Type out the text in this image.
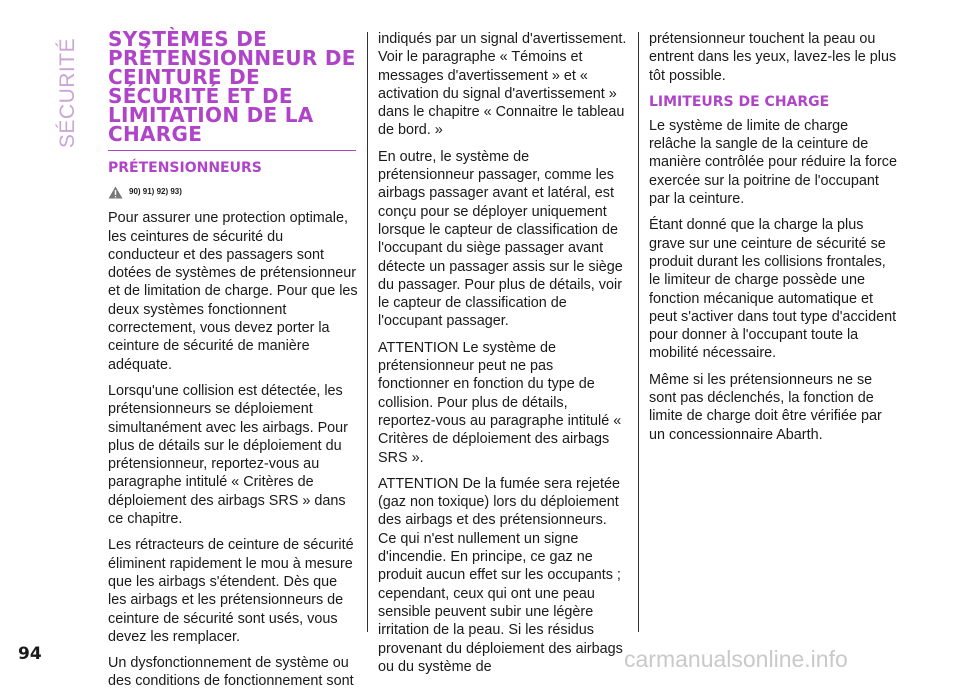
SÉCURITÉ SYSTÈMES DE PRÉTENSIONNEUR DE CEINTURE DE SÉCURITÉ ET DE LIMITATION DE LA CHARGE
PRÉTENSIONNEURS
90) 91) 92) 93)

Pour assurer une protection optimale, les ceintures de sécurité du conducteur et des passagers sont dotées de systèmes de prétensionneur et de limitation de charge. Pour que les deux systèmes fonctionnent correctement, vous devez porter la ceinture de sécurité de manière adéquate.

Lorsqu'une collision est détectée, les prétensionneurs se déploiement simultanément avec les airbags. Pour plus de détails sur le déploiement du prétensionneur, reportez-vous au paragraphe intitulé « Critères de déploiement des airbags SRS » dans ce chapitre.

Les rétracteurs de ceinture de sécurité éliminent rapidement le mou à mesure que les airbags s'étendent. Dès que les airbags et les prétensionneurs de ceinture de sécurité sont usés, vous devez les remplacer.

Un dysfonctionnement de système ou des conditions de fonctionnement sont

indiqués par un signal d'avertissement. Voir le paragraphe « Témoins et messages d'avertissement » et « activation du signal d'avertissement » dans le chapitre « Connaitre le tableau de bord. »

En outre, le système de prétensionneur passager, comme les airbags passager avant et latéral, est conçu pour se déployer uniquement lorsque le capteur de classification de l'occupant du siège passager avant détecte un passager assis sur le siège du passager. Pour plus de détails, voir le capteur de classification de l'occupant passager.

ATTENTION Le système de prétensionneur peut ne pas fonctionner en fonction du type de collision. Pour plus de détails, reportez-vous au paragraphe intitulé « Critères de déploiement des airbags SRS ».

ATTENTION De la fumée sera rejetée (gaz non toxique) lors du déploiement des airbags et des prétensionneurs. Ce qui n'est nullement un signe d'incendie. En principe, ce gaz ne produit aucun effet sur les occupants ; cependant, ceux qui ont une peau sensible peuvent subir une légère irritation de la peau. Si les résidus provenant du déploiement des airbags ou du système de

prétensionneur touchent la peau ou entrent dans les yeux, lavez-les le plus tôt possible.

LIMITEURS DE CHARGE

Le système de limite de charge relâche la sangle de la ceinture de manière contrôlée pour réduire la force exercée sur la poitrine de l'occupant par la ceinture.

Étant donné que la charge la plus grave sur une ceinture de sécurité se produit durant les collisions frontales, le limiteur de charge possède une fonction mécanique automatique et peut s'activer dans tout type d'accident pour donner à l'occupant toute la mobilité nécessaire.

Même si les prétensionneurs ne se sont pas déclenchés, la fonction de limite de charge doit être vérifiée par un concessionnaire Abarth.

94	carmanualsonline.info
